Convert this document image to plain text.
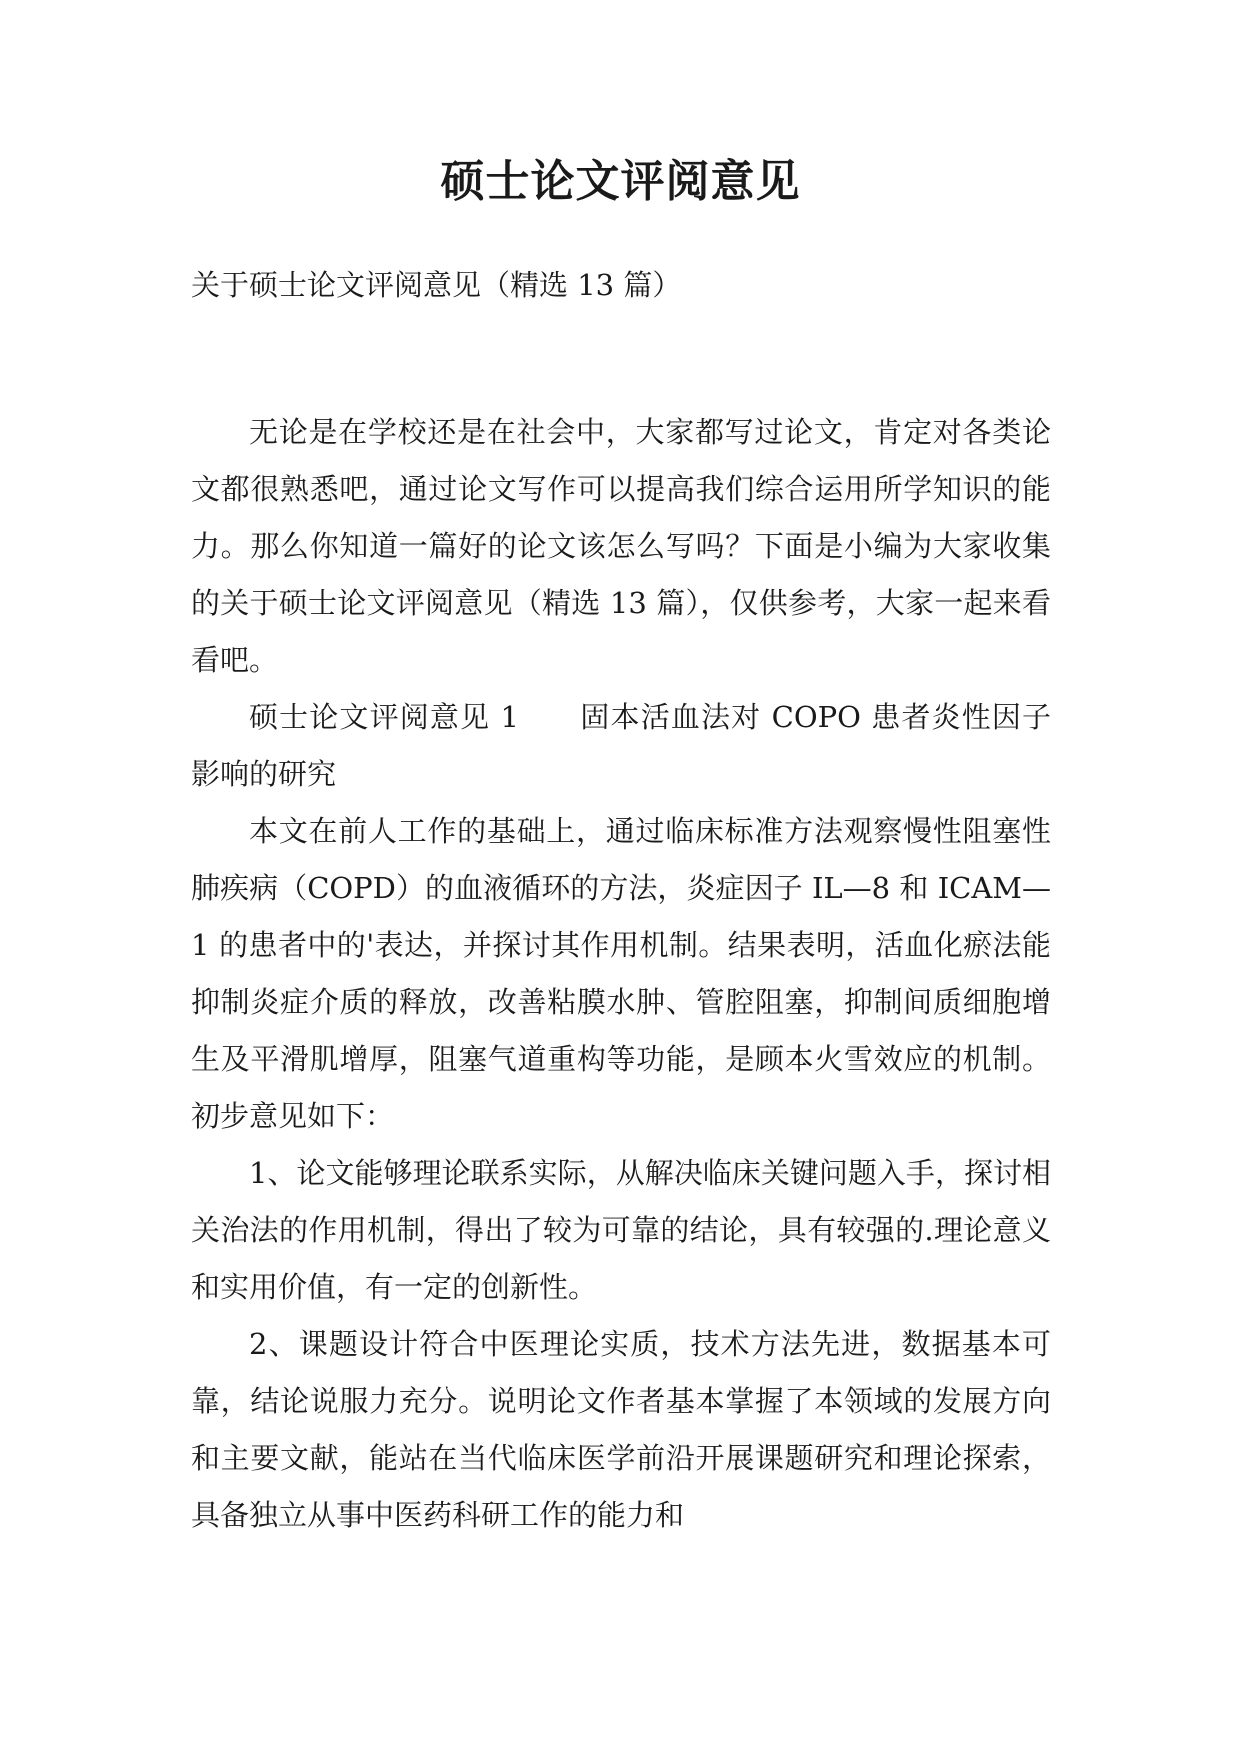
硕士论文评阅意见

关于硕士论文评阅意见（精选 13 篇）

无论是在学校还是在社会中，大家都写过论文，肯定对各类论文都很熟悉吧，通过论文写作可以提高我们综合运用所学知识的能力。那么你知道一篇好的论文该怎么写吗？下面是小编为大家收集的关于硕士论文评阅意见（精选 13 篇），仅供参考，大家一起来看看吧。

硕士论文评阅意见 1　　固本活血法对 COPO 患者炎性因子影响的研究

本文在前人工作的基础上，通过临床标准方法观察慢性阻塞性肺疾病（COPD）的血液循环的方法，炎症因子 IL—8 和 ICAM—1 的患者中的'表达，并探讨其作用机制。结果表明，活血化瘀法能抑制炎症介质的释放，改善粘膜水肿、管腔阻塞，抑制间质细胞增生及平滑肌增厚，阻塞气道重构等功能，是顾本火雪效应的机制。初步意见如下：

1、论文能够理论联系实际，从解决临床关键问题入手，探讨相关治法的作用机制，得出了较为可靠的结论，具有较强的.理论意义和实用价值，有一定的创新性。

2、课题设计符合中医理论实质，技术方法先进，数据基本可靠，结论说服力充分。说明论文作者基本掌握了本领域的发展方向和主要文献，能站在当代临床医学前沿开展课题研究和理论探索，具备独立从事中医药科研工作的能力和
